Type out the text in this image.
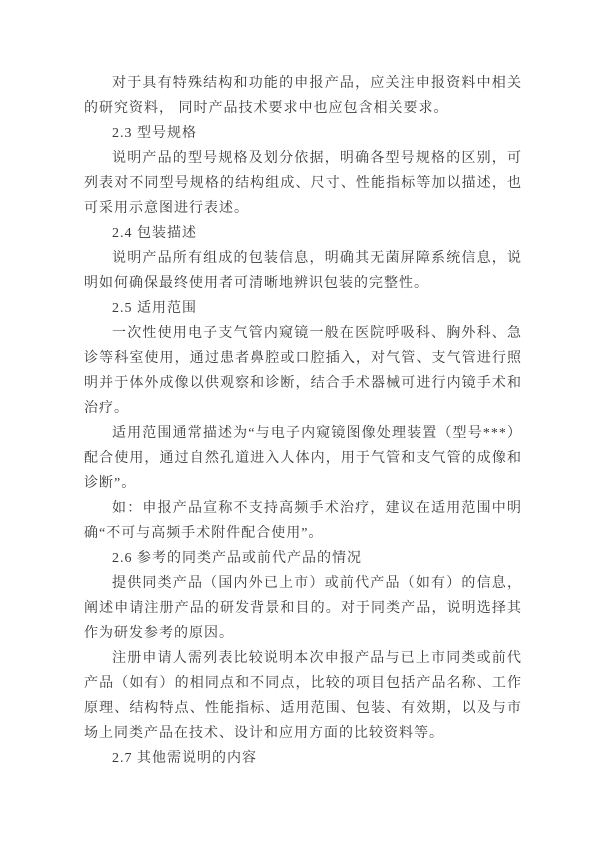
对于具有特殊结构和功能的申报产品，应关注申报资料中相关的研究资料， 同时产品技术要求中也应包含相关要求。

2.3 型号规格

说明产品的型号规格及划分依据，明确各型号规格的区别，可列表对不同型号规格的结构组成、尺寸、性能指标等加以描述，也可采用示意图进行表述。

2.4 包装描述

说明产品所有组成的包装信息，明确其无菌屏障系统信息，说明如何确保最终使用者可清晰地辨识包装的完整性。

2.5 适用范围

一次性使用电子支气管内窥镜一般在医院呼吸科、胸外科、急诊等科室使用，通过患者鼻腔或口腔插入，对气管、支气管进行照明并于体外成像以供观察和诊断，结合手术器械可进行内镜手术和治疗。

适用范围通常描述为“与电子内窥镜图像处理装置（型号***）配合使用，通过自然孔道进入人体内，用于气管和支气管的成像和诊断”。

如：申报产品宣称不支持高频手术治疗，建议在适用范围中明确“不可与高频手术附件配合使用”。

2.6 参考的同类产品或前代产品的情况

提供同类产品（国内外已上市）或前代产品（如有）的信息，阐述申请注册产品的研发背景和目的。对于同类产品，说明选择其作为研发参考的原因。

注册申请人需列表比较说明本次申报产品与已上市同类或前代产品（如有）的相同点和不同点，比较的项目包括产品名称、工作原理、结构特点、性能指标、适用范围、包装、有效期，以及与市场上同类产品在技术、设计和应用方面的比较资料等。

2.7 其他需说明的内容
